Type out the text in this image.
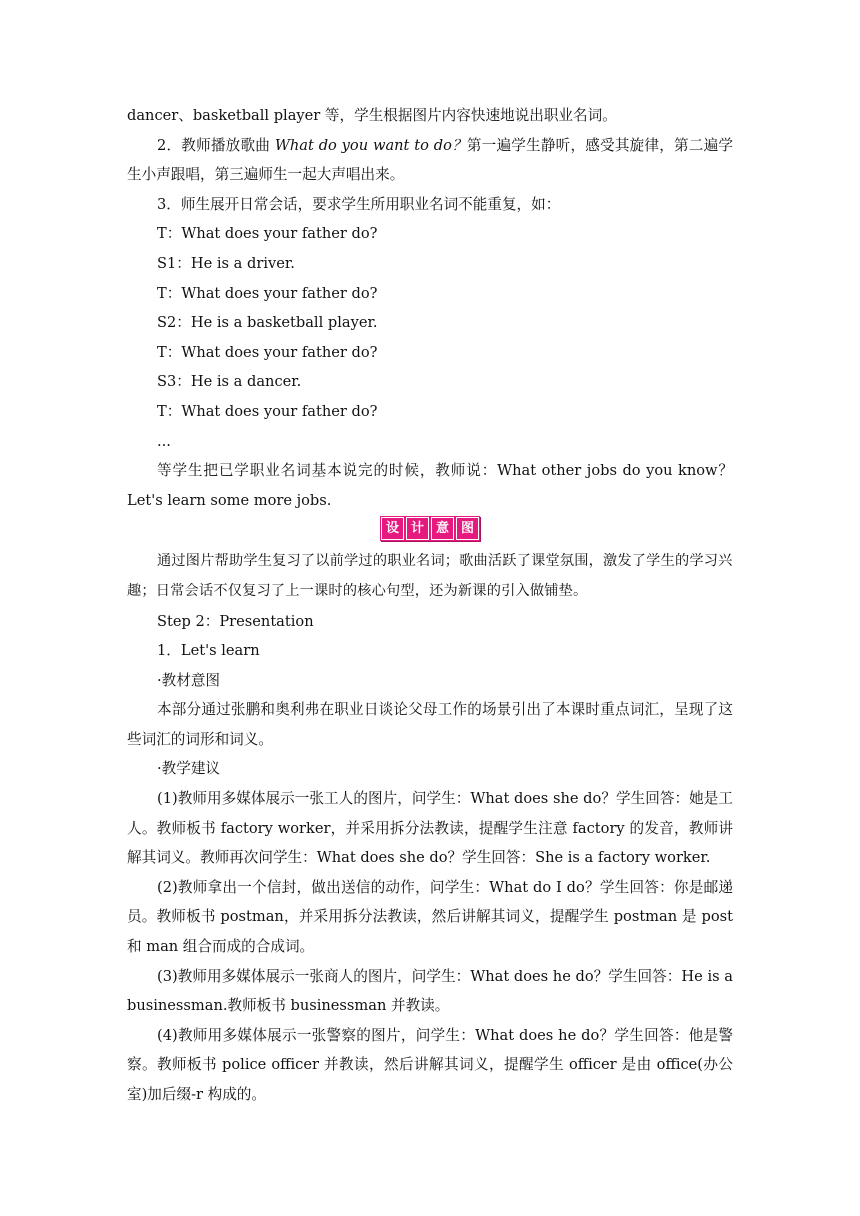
dancer、basketball player 等，学生根据图片内容快速地说出职业名词。

2．教师播放歌曲 What do you want to do？第一遍学生静听，感受其旋律，第二遍学生小声跟唱，第三遍师生一起大声唱出来。

3．师生展开日常会话，要求学生所用职业名词不能重复，如：

T：What does your father do?

S1：He is a driver.

T：What does your father do?

S2：He is a basketball player.

T：What does your father do?

S3：He is a dancer.

T：What does your father do?

...

等学生把已学职业名词基本说完的时候，教师说：What other jobs do you know？Let's learn some more jobs.

设 计 意 图

通过图片帮助学生复习了以前学过的职业名词；歌曲活跃了课堂氛围，激发了学生的学习兴趣；日常会话不仅复习了上一课时的核心句型，还为新课的引入做铺垫。

Step 2：Presentation

1．Let's learn

·教材意图

本部分通过张鹏和奥利弗在职业日谈论父母工作的场景引出了本课时重点词汇，呈现了这些词汇的词形和词义。

·教学建议

(1)教师用多媒体展示一张工人的图片，问学生：What does she do？学生回答：她是工人。教师板书 factory worker，并采用拆分法教读，提醒学生注意 factory 的发音，教师讲解其词义。教师再次问学生：What does she do？学生回答：She is a factory worker.

(2)教师拿出一个信封，做出送信的动作，问学生：What do I do？学生回答：你是邮递员。教师板书 postman，并采用拆分法教读，然后讲解其词义，提醒学生 postman 是 post 和 man 组合而成的合成词。

(3)教师用多媒体展示一张商人的图片，问学生：What does he do？学生回答：He is a businessman.教师板书 businessman 并教读。

(4)教师用多媒体展示一张警察的图片，问学生：What does he do？学生回答：他是警察。教师板书 police officer 并教读，然后讲解其词义，提醒学生 officer 是由 office(办公室)加后缀-r 构成的。
